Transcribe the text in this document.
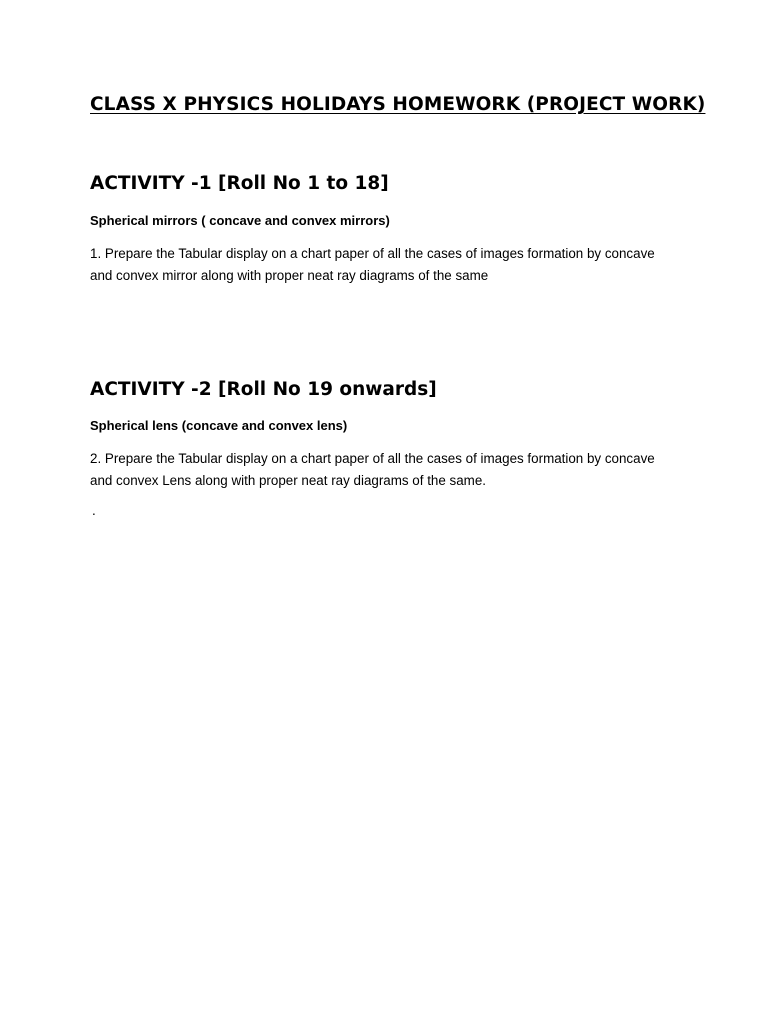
CLASS X PHYSICS HOLIDAYS HOMEWORK (PROJECT WORK)
ACTIVITY -1 [Roll No 1 to 18]
Spherical mirrors ( concave and convex mirrors)

1. Prepare the Tabular display on a chart paper of all the cases of images formation by concave
and convex mirror along with proper neat ray diagrams of the same

ACTIVITY -2 [Roll No 19 onwards]
Spherical lens (concave and convex lens)

2. Prepare the Tabular display on a chart paper of all the cases of images formation by concave
and convex Lens along with proper neat ray diagrams of the same.

.
